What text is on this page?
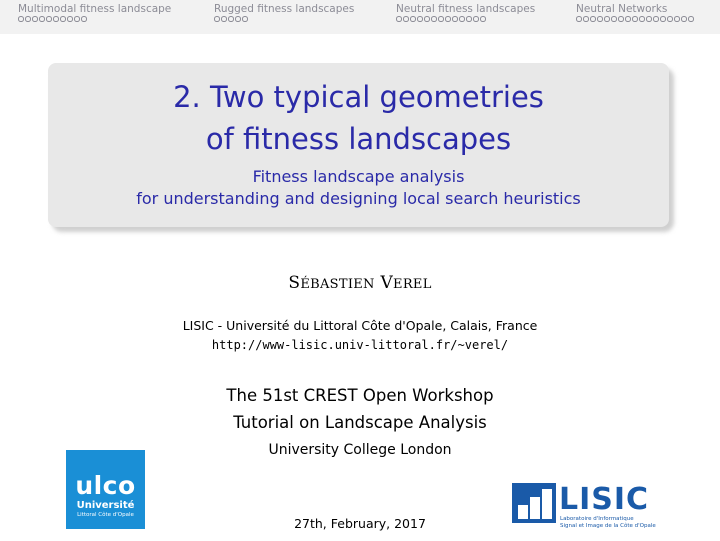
Multimodal fitness landscape	Rugged fitness landscapes	Neutral fitness landscapes	Neutral Networks
2. Two typical geometries
of fitness landscapes
Fitness landscape analysis
for understanding and designing local search heuristics
SÉBASTIEN VEREL
LISIC - Université du Littoral Côte d'Opale, Calais, France
http://www-lisic.univ-littoral.fr/~verel/
The 51st CREST Open Workshop
Tutorial on Landscape Analysis
University College London
ulco
Université
Littoral Côte d'Opale
27th, February, 2017
LISIC
Laboratoire d'Informatique
Signal et Image de la Côte d'Opale
